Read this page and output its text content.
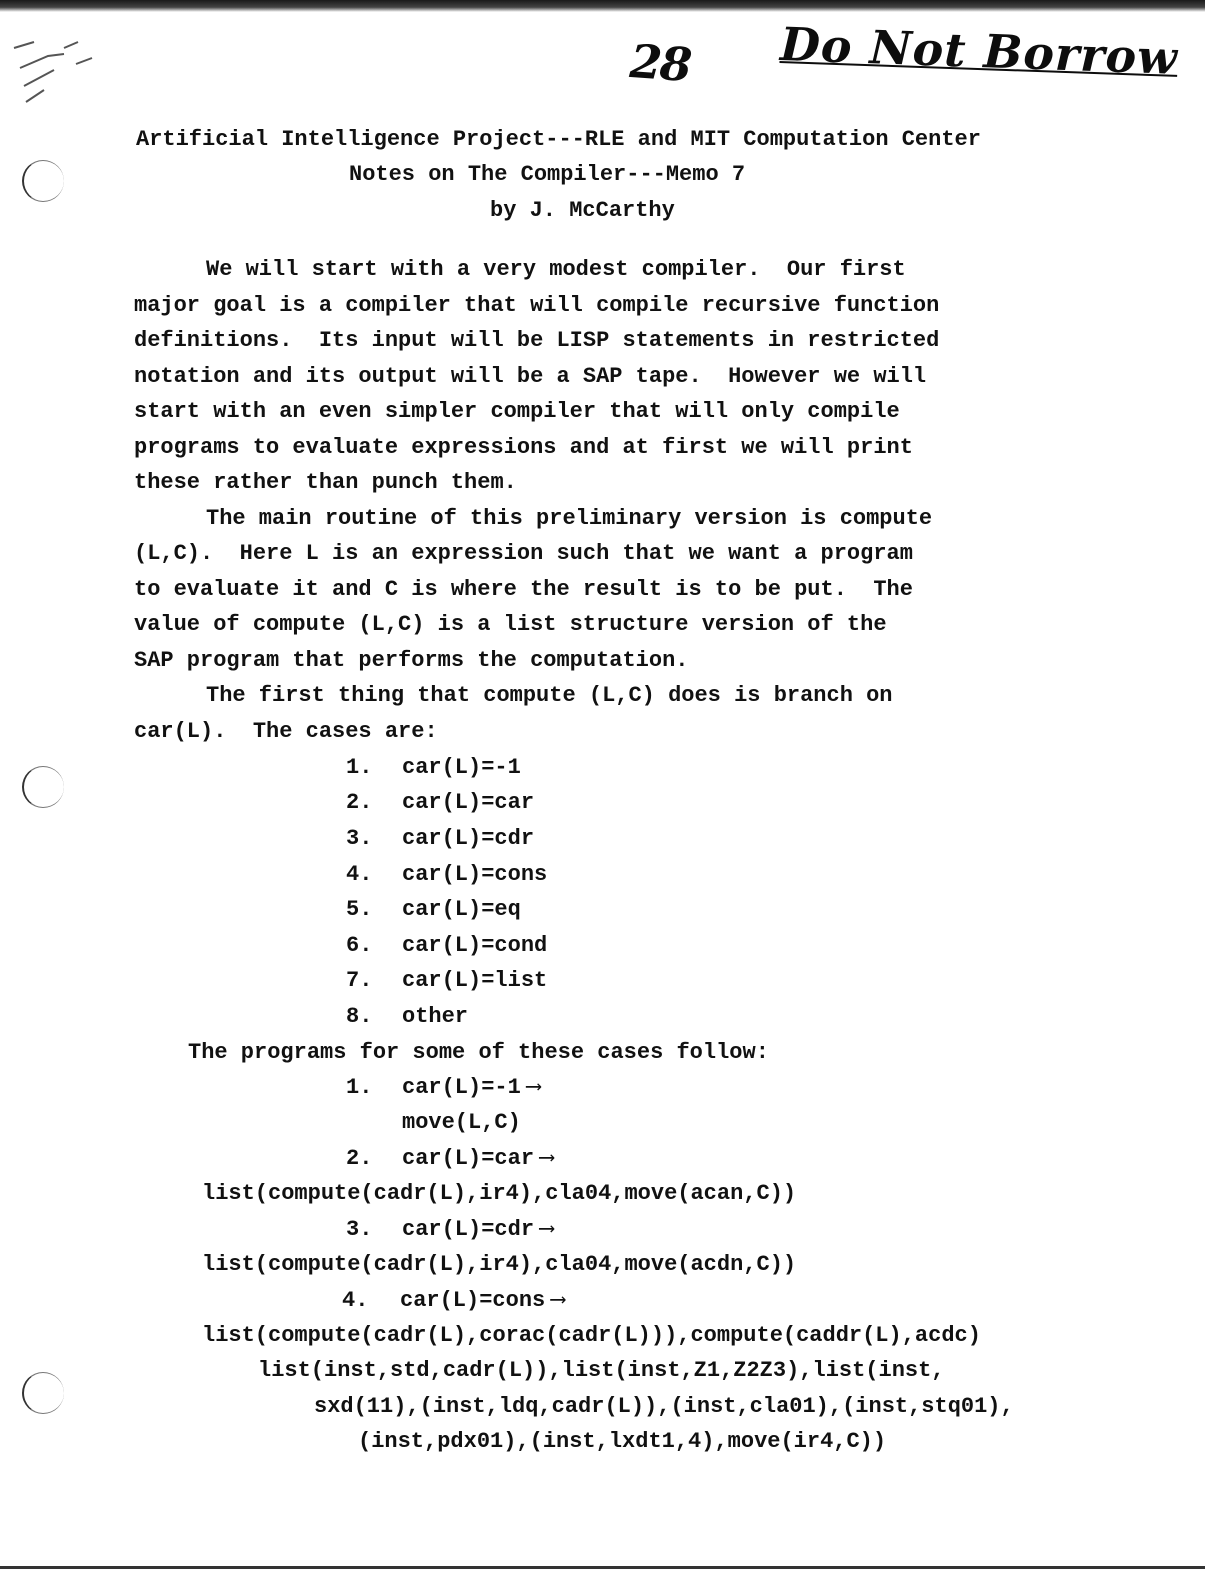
28 Do Not Borrow
Artificial Intelligence Project---RLE and MIT Computation Center
Notes on The Compiler---Memo 7
by J. McCarthy
We will start with a very modest compiler.  Our first
major goal is a compiler that will compile recursive function
definitions.  Its input will be LISP statements in restricted
notation and its output will be a SAP tape.  However we will
start with an even simpler compiler that will only compile
programs to evaluate expressions and at first we will print
these rather than punch them.
The main routine of this preliminary version is compute
(L,C).  Here L is an expression such that we want a program
to evaluate it and C is where the result is to be put.  The
value of compute (L,C) is a list structure version of the
SAP program that performs the computation.
The first thing that compute (L,C) does is branch on
car(L).  The cases are:
1. car(L)=-1
2. car(L)=car
3. car(L)=cdr
4. car(L)=cons
5. car(L)=eq
6. car(L)=cond
7. car(L)=list
8. other
The programs for some of these cases follow:
1. car(L)=-1 ⟶
move(L,C)
2. car(L)=car ⟶
list(compute(cadr(L),ir4),cla04,move(acan,C))
3. car(L)=cdr ⟶
list(compute(cadr(L),ir4),cla04,move(acdn,C))
4. car(L)=cons ⟶
list(compute(cadr(L),corac(cadr(L))),compute(caddr(L),acdc)
list(inst,std,cadr(L)),list(inst,Z1,Z2Z3),list(inst,
sxd(11),(inst,ldq,cadr(L)),(inst,cla01),(inst,stq01),
(inst,pdx01),(inst,lxdt1,4),move(ir4,C))
